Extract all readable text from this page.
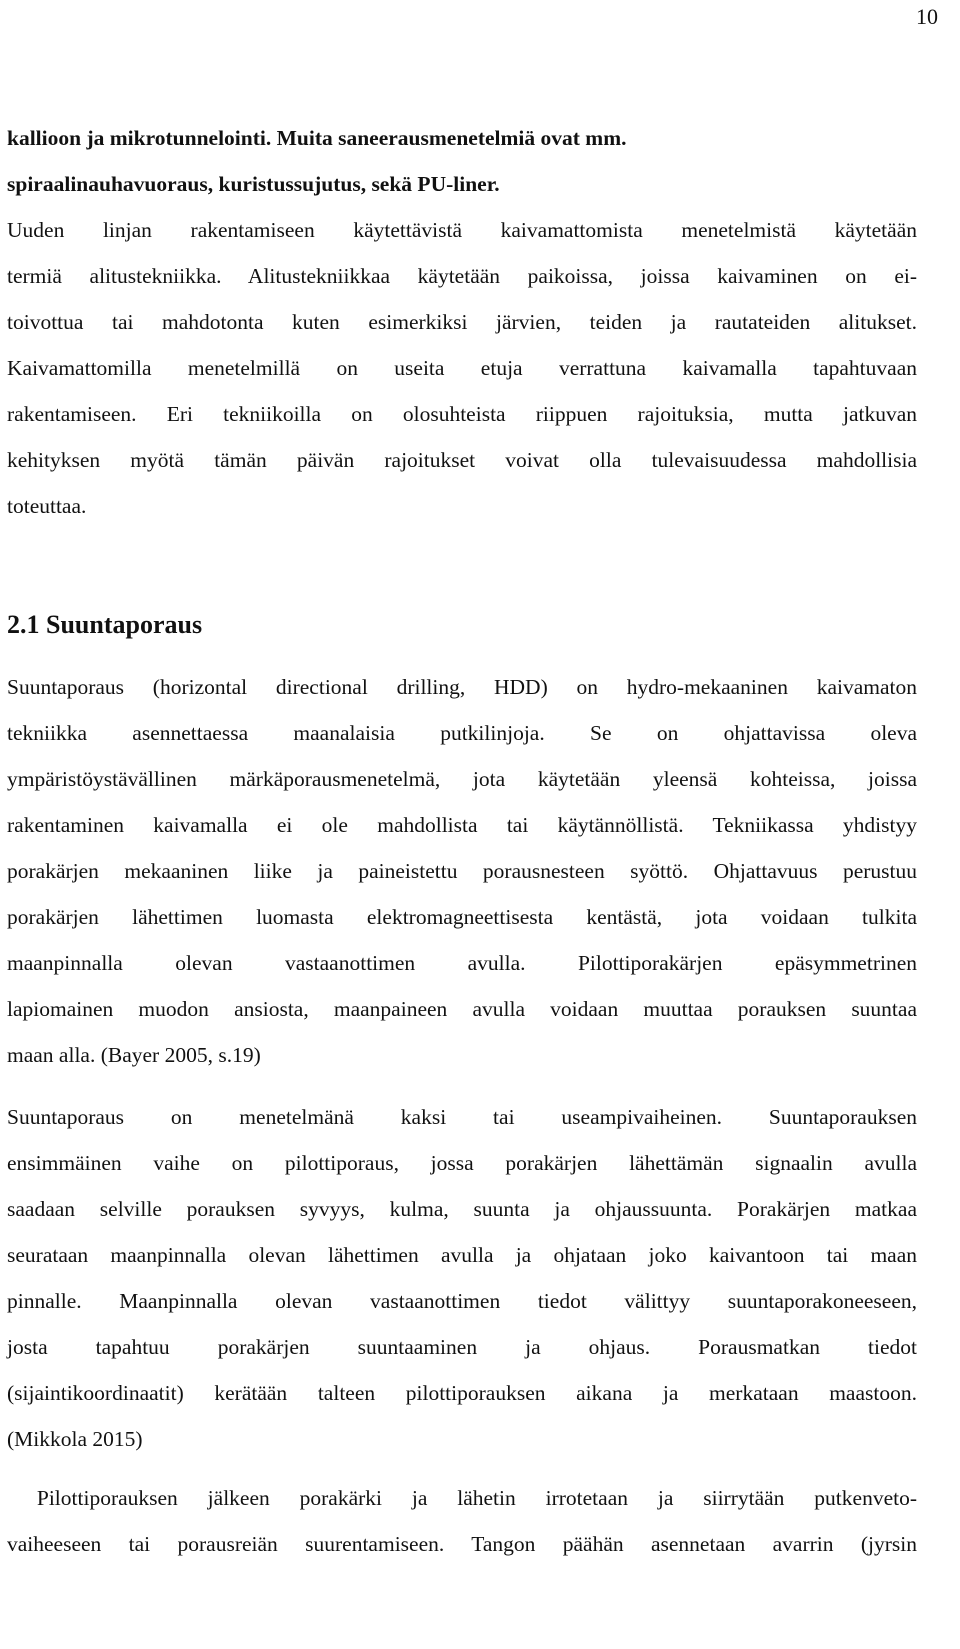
10
kallioon ja mikrotunnelointi. Muita saneerausmenetelmiä ovat mm.
spiraalinauhavuoraus, kuristussujutus, sekä PU-liner.
Uuden linjan rakentamiseen käytettävistä kaivamattomista menetelmistä käytetään
termiä alitustekniikka. Alitustekniikkaa käytetään paikoissa, joissa kaivaminen on ei-
toivottua tai mahdotonta kuten esimerkiksi järvien, teiden ja rautateiden alitukset.
Kaivamattomilla menetelmillä on useita etuja verrattuna kaivamalla tapahtuvaan
rakentamiseen. Eri tekniikoilla on olosuhteista riippuen rajoituksia, mutta jatkuvan
kehityksen myötä tämän päivän rajoitukset voivat olla tulevaisuudessa mahdollisia
toteuttaa.
2.1 Suuntaporaus
Suuntaporaus (horizontal directional drilling, HDD) on hydro-mekaaninen kaivamaton
tekniikka asennettaessa maanalaisia putkilinjoja. Se on ohjattavissa oleva
ympäristöystävällinen märkäporausmenetelmä, jota käytetään yleensä kohteissa, joissa
rakentaminen kaivamalla ei ole mahdollista tai käytännöllistä. Tekniikassa yhdistyy
porakärjen mekaaninen liike ja paineistettu porausnesteen syöttö. Ohjattavuus perustuu
porakärjen lähettimen luomasta elektromagneettisesta kentästä, jota voidaan tulkita
maanpinnalla olevan vastaanottimen avulla. Pilottiporakärjen epäsymmetrinen
lapiomainen muodon ansiosta, maanpaineen avulla voidaan muuttaa porauksen suuntaa
maan alla. (Bayer 2005, s.19)
Suuntaporaus on menetelmänä kaksi tai useampivaiheinen. Suuntaporauksen
ensimmäinen vaihe on pilottiporaus, jossa porakärjen lähettämän signaalin avulla
saadaan selville porauksen syvyys, kulma, suunta ja ohjaussuunta. Porakärjen matkaa
seurataan maanpinnalla olevan lähettimen avulla ja ohjataan joko kaivantoon tai maan
pinnalle. Maanpinnalla olevan vastaanottimen tiedot välittyy suuntaporakoneeseen,
josta tapahtuu porakärjen suuntaaminen ja ohjaus. Porausmatkan tiedot
(sijaintikoordinaatit) kerätään talteen pilottiporauksen aikana ja merkataan maastoon.
(Mikkola 2015)
Pilottiporauksen jälkeen porakärki ja lähetin irrotetaan ja siirrytään putkenveto-
vaiheeseen tai porausreiän suurentamiseen. Tangon päähän asennetaan avarrin (jyrsin
